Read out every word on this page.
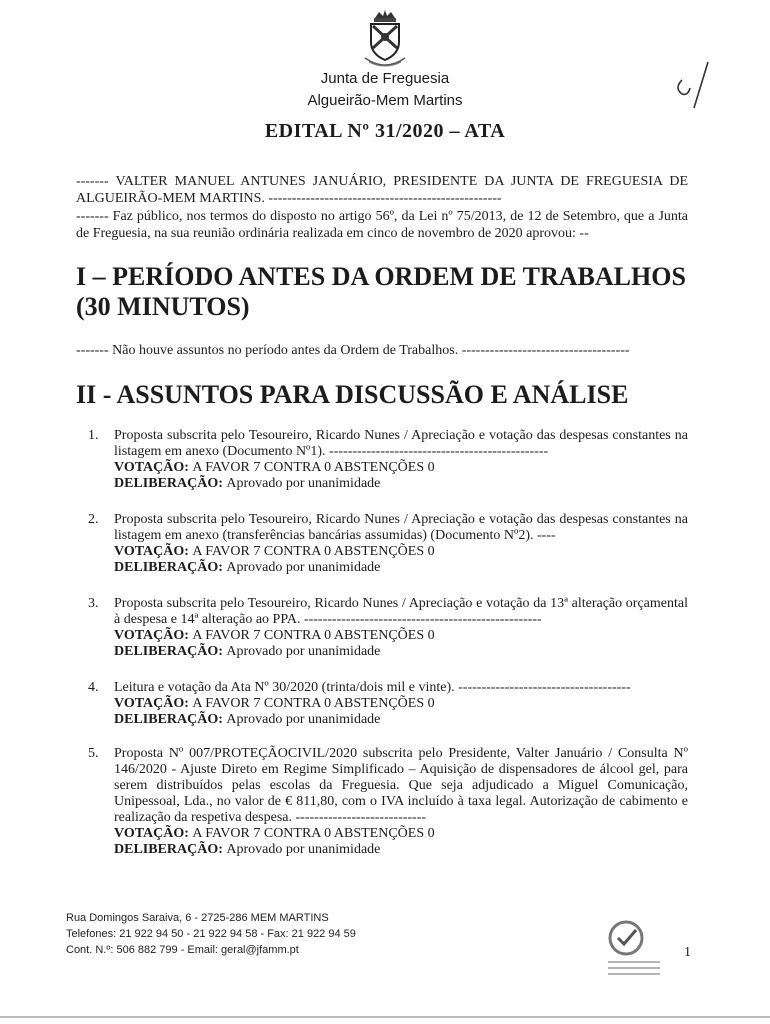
Junta de Freguesia
Algueirão-Mem Martins
EDITAL Nº 31/2020 – ATA
------- VALTER MANUEL ANTUNES JANUÁRIO, PRESIDENTE DA JUNTA DE FREGUESIA DE ALGUEIRÃO-MEM MARTINS. --------------------------------------------------
------- Faz público, nos termos do disposto no artigo 56º, da Lei nº 75/2013, de 12 de Setembro, que a Junta de Freguesia, na sua reunião ordinária realizada em cinco de novembro de 2020 aprovou: --
I – PERÍODO ANTES DA ORDEM DE TRABALHOS (30 MINUTOS)
------- Não houve assuntos no período antes da Ordem de Trabalhos. ------------------------------------
II - ASSUNTOS PARA DISCUSSÃO E ANÁLISE
1.	Proposta subscrita pelo Tesoureiro, Ricardo Nunes / Apreciação e votação das despesas constantes na listagem em anexo (Documento Nº1). -----------------------------------------------
VOTAÇÃO: A FAVOR 7 CONTRA 0 ABSTENÇÕES 0
DELIBERAÇÃO: Aprovado por unanimidade
2.	Proposta subscrita pelo Tesoureiro, Ricardo Nunes / Apreciação e votação das despesas constantes na listagem em anexo (transferências bancárias assumidas) (Documento Nº2). ----
VOTAÇÃO: A FAVOR 7 CONTRA 0 ABSTENÇÕES 0
DELIBERAÇÃO: Aprovado por unanimidade
3.	Proposta subscrita pelo Tesoureiro, Ricardo Nunes / Apreciação e votação da 13ª alteração orçamental à despesa e 14ª alteração ao PPA. ---------------------------------------------------
VOTAÇÃO: A FAVOR 7 CONTRA 0 ABSTENÇÕES 0
DELIBERAÇÃO: Aprovado por unanimidade
4.	Leitura e votação da Ata Nº 30/2020 (trinta/dois mil e vinte). -------------------------------------
VOTAÇÃO: A FAVOR 7 CONTRA 0 ABSTENÇÕES 0
DELIBERAÇÃO: Aprovado por unanimidade
5.	Proposta Nº 007/PROTEÇÃOCIVIL/2020 subscrita pelo Presidente, Valter Januário / Consulta Nº 146/2020 - Ajuste Direto em Regime Simplificado – Aquisição de dispensadores de álcool gel, para serem distribuídos pelas escolas da Freguesia. Que seja adjudicado a Miguel Comunicação, Unipessoal, Lda., no valor de € 811,80, com o IVA incluído à taxa legal. Autorização de cabimento e realização da respetiva despesa. ----------------------------
VOTAÇÃO: A FAVOR 7 CONTRA 0 ABSTENÇÕES 0
DELIBERAÇÃO: Aprovado por unanimidade
Rua Domingos Saraiva, 6 - 2725-286 MEM MARTINS
Telefones: 21 922 94 50 - 21 922 94 58 - Fax: 21 922 94 59
Cont. N.º: 506 882 799 - Email: geral@jfamm.pt	1
